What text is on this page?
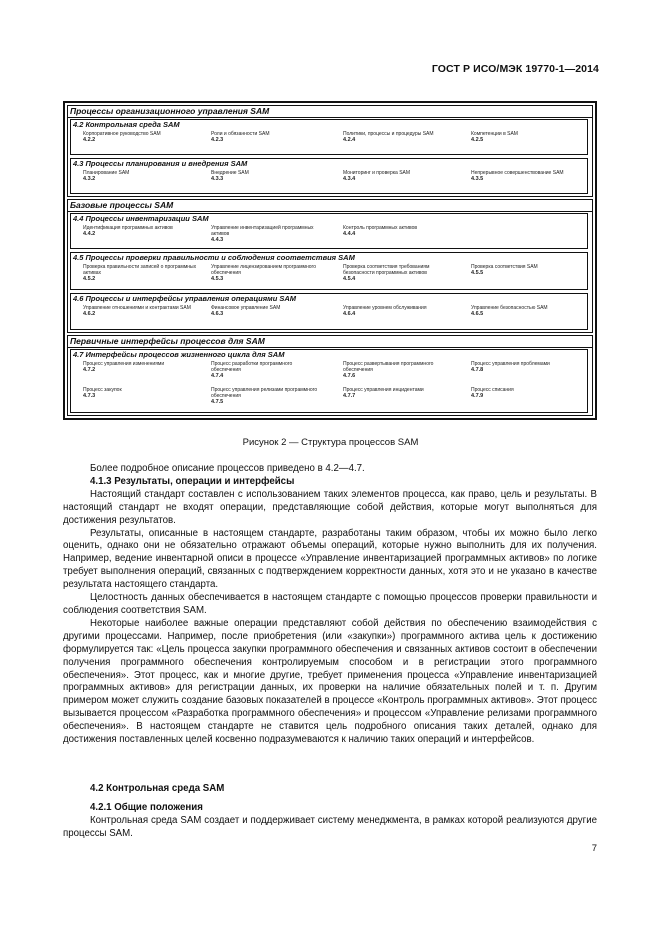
ГОСТ Р ИСО/МЭК 19770-1—2014
Процессы организационного управления SAM
4.2 Контрольная среда SAM
Корпоративное руководство SAM
4.2.2
Роли и обязанности SAM
4.2.3
Политики, процессы и процедуры SAM
4.2.4
Компетенции в SAM
4.2.5
4.3 Процессы планирования и внедрения SAM
Планирование SAM
4.3.2
Внедрение SAM
4.3.3
Мониторинг и проверка SAM
4.3.4
Непрерывное совершенствование SAM
4.3.5
Базовые процессы SAM
4.4 Процессы инвентаризации SAM
Идентификация программных активов
4.4.2
Управление инвентаризацией программных активов
4.4.3
Контроль программных активов
4.4.4
4.5 Процессы проверки правильности и соблюдения соответствия SAM
Проверка правильности записей о программных активах
4.5.2
Управление лицензированием программного обеспечения
4.5.3
Проверка соответствия требованиям безопасности программных активов
4.5.4
Проверка соответствия SAM
4.5.5
4.6 Процессы и интерфейсы управления операциями SAM
Управление отношениями и контрактами SAM
4.6.2
Финансовое управление SAM
4.6.3
Управление уровнем обслуживания
4.6.4
Управление безопасностью SAM
4.6.5
Первичные интерфейсы процессов для SAM
4.7 Интерфейсы процессов жизненного цикла для SAM
Процесс управления изменениями
4.7.2
Процесс разработки программного обеспечения
4.7.4
Процесс развертывания программного обеспечения
4.7.6
Процесс управления проблемами
4.7.8
Процесс закупок
4.7.3
Процесс управления релизами программного обеспечения
4.7.5
Процесс управления инцидентами
4.7.7
Процесс списания
4.7.9
Рисунок 2 — Структура процессов SAM

Более подробное описание процессов приведено в 4.2—4.7.

4.1.3 Результаты, операции и интерфейсы

Настоящий стандарт составлен с использованием таких элементов процесса, как право, цель и результаты. В настоящий стандарт не входят операции, представляющие собой действия, которые могут выполняться для достижения результатов.

Результаты, описанные в настоящем стандарте, разработаны таким образом, чтобы их можно было легко оценить, однако они не обязательно отражают объемы операций, которые нужно выполнить для их получения. Например, ведение инвентарной описи в процессе «Управление инвентаризацией программных активов» по логике требует выполнения операций, связанных с подтверждением корректности данных, хотя это и не указано в качестве результата настоящего стандарта.

Целостность данных обеспечивается в настоящем стандарте с помощью процессов проверки правильности и соблюдения соответствия SAM.

Некоторые наиболее важные операции представляют собой действия по обеспечению взаимодействия с другими процессами. Например, после приобретения (или «закупки») программного актива цель к достижению формулируется так: «Цель процесса закупки программного обеспечения и связанных активов состоит в обеспечении получения программного обеспечения контролируемым способом и в регистрации этого программного обеспечения». Этот процесс, как и многие другие, требует применения процесса «Управление инвентаризацией программных активов» для регистрации данных, их проверки на наличие обязательных полей и т. п. Другим примером может служить создание базовых показателей в процессе «Контроль программных активов». Этот процесс вызывается процессом «Разработка программного обеспечения» и процессом «Управление релизами программного обеспечения». В настоящем стандарте не ставится цель подробного описания таких деталей, однако для достижения поставленных целей косвенно подразумеваются к наличию таких операций и интерфейсов.

4.2 Контрольная среда SAM

4.2.1 Общие положения

Контрольная среда SAM создает и поддерживает систему менеджмента, в рамках которой реализуются другие процессы SAM.

7
